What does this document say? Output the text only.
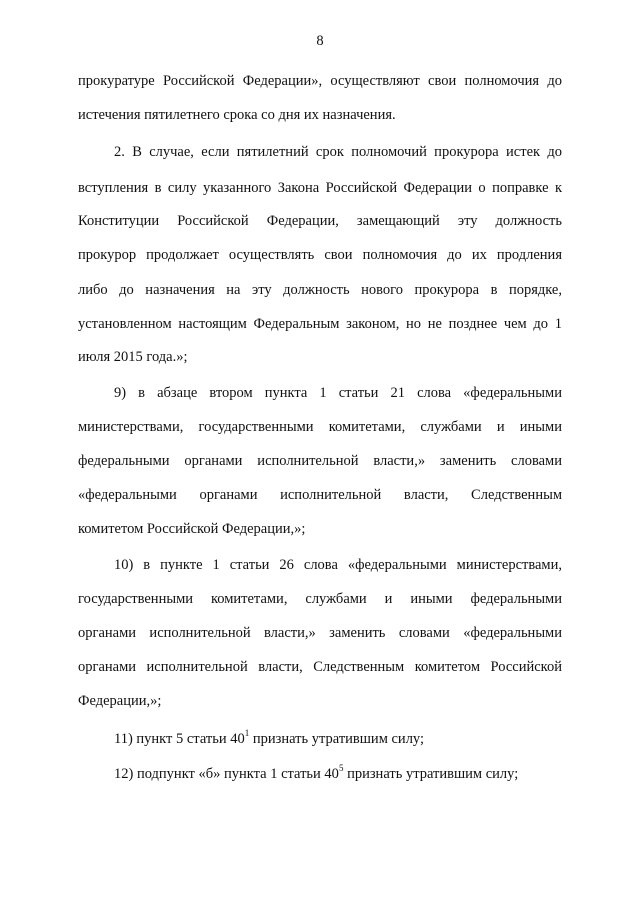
8
прокуратуре Российской Федерации», осуществляют свои полномочия до
истечения пятилетнего срока со дня их назначения.
2. В случае, если пятилетний срок полномочий прокурора истек до
вступления в силу указанного Закона Российской Федерации о поправке к
Конституции Российской Федерации, замещающий эту должность
прокурор продолжает осуществлять свои полномочия до их продления
либо до назначения на эту должность нового прокурора в порядке,
установленном настоящим Федеральным законом, но не позднее чем до 1
июля 2015 года.»;
9) в абзаце втором пункта 1 статьи 21 слова «федеральными
министерствами, государственными комитетами, службами и иными
федеральными органами исполнительной власти,» заменить словами
«федеральными органами исполнительной власти, Следственным
комитетом Российской Федерации,»;
10) в пункте 1 статьи 26 слова «федеральными министерствами,
государственными комитетами, службами и иными федеральными
органами исполнительной власти,» заменить словами «федеральными
органами исполнительной власти, Следственным комитетом Российской
Федерации,»;
11) пункт 5 статьи $40^1$ признать утратившим силу;
12) подпункт «б» пункта 1 статьи $40^5$ признать утратившим силу;
